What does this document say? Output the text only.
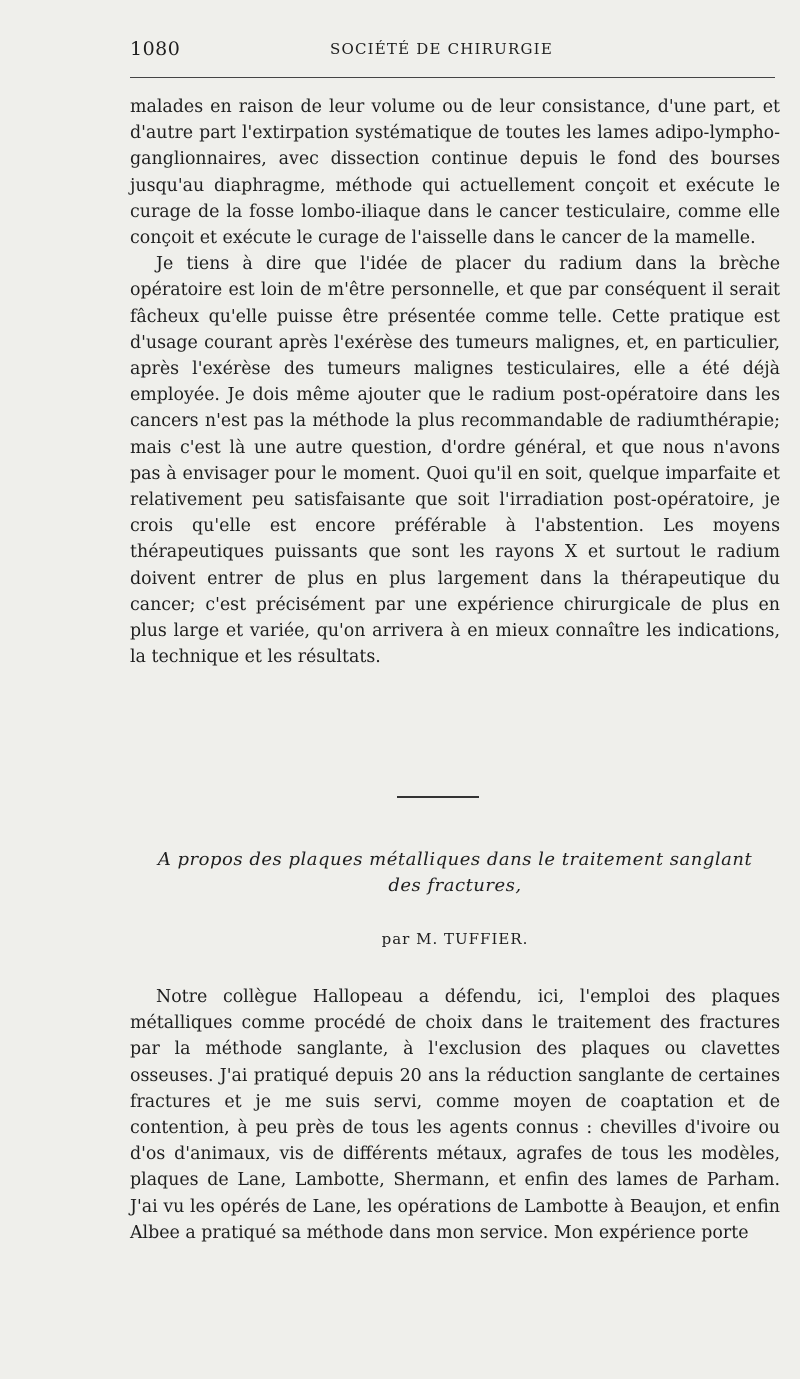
1080	SOCIÉTÉ DE CHIRURGIE

malades en raison de leur volume ou de leur consistance, d'une part, et d'autre part l'extirpation systématique de toutes les lames adipo-lympho-ganglionnaires, avec dissection continue depuis le fond des bourses jusqu'au diaphragme, méthode qui actuellement conçoit et exécute le curage de la fosse lombo-iliaque dans le cancer testiculaire, comme elle conçoit et exécute le curage de l'aisselle dans le cancer de la mamelle.

Je tiens à dire que l'idée de placer du radium dans la brèche opératoire est loin de m'être personnelle, et que par conséquent il serait fâcheux qu'elle puisse être présentée comme telle. Cette pratique est d'usage courant après l'exérèse des tumeurs malignes, et, en particulier, après l'exérèse des tumeurs malignes testiculaires, elle a été déjà employée. Je dois même ajouter que le radium post-opératoire dans les cancers n'est pas la méthode la plus recommandable de radiumthérapie; mais c'est là une autre question, d'ordre général, et que nous n'avons pas à envisager pour le moment. Quoi qu'il en soit, quelque imparfaite et relativement peu satisfaisante que soit l'irradiation post-opératoire, je crois qu'elle est encore préférable à l'abstention. Les moyens thérapeutiques puissants que sont les rayons X et surtout le radium doivent entrer de plus en plus largement dans la thérapeutique du cancer; c'est précisément par une expérience chirurgicale de plus en plus large et variée, qu'on arrivera à en mieux connaître les indications, la technique et les résultats.

A propos des plaques métalliques dans le traitement sanglant
des fractures,
par M. TUFFIER.

Notre collègue Hallopeau a défendu, ici, l'emploi des plaques métalliques comme procédé de choix dans le traitement des fractures par la méthode sanglante, à l'exclusion des plaques ou clavettes osseuses. J'ai pratiqué depuis 20 ans la réduction sanglante de certaines fractures et je me suis servi, comme moyen de coaptation et de contention, à peu près de tous les agents connus : chevilles d'ivoire ou d'os d'animaux, vis de différents métaux, agrafes de tous les modèles, plaques de Lane, Lambotte, Shermann, et enfin des lames de Parham. J'ai vu les opérés de Lane, les opérations de Lambotte à Beaujon, et enfin Albee a pratiqué sa méthode dans mon service. Mon expérience porte
